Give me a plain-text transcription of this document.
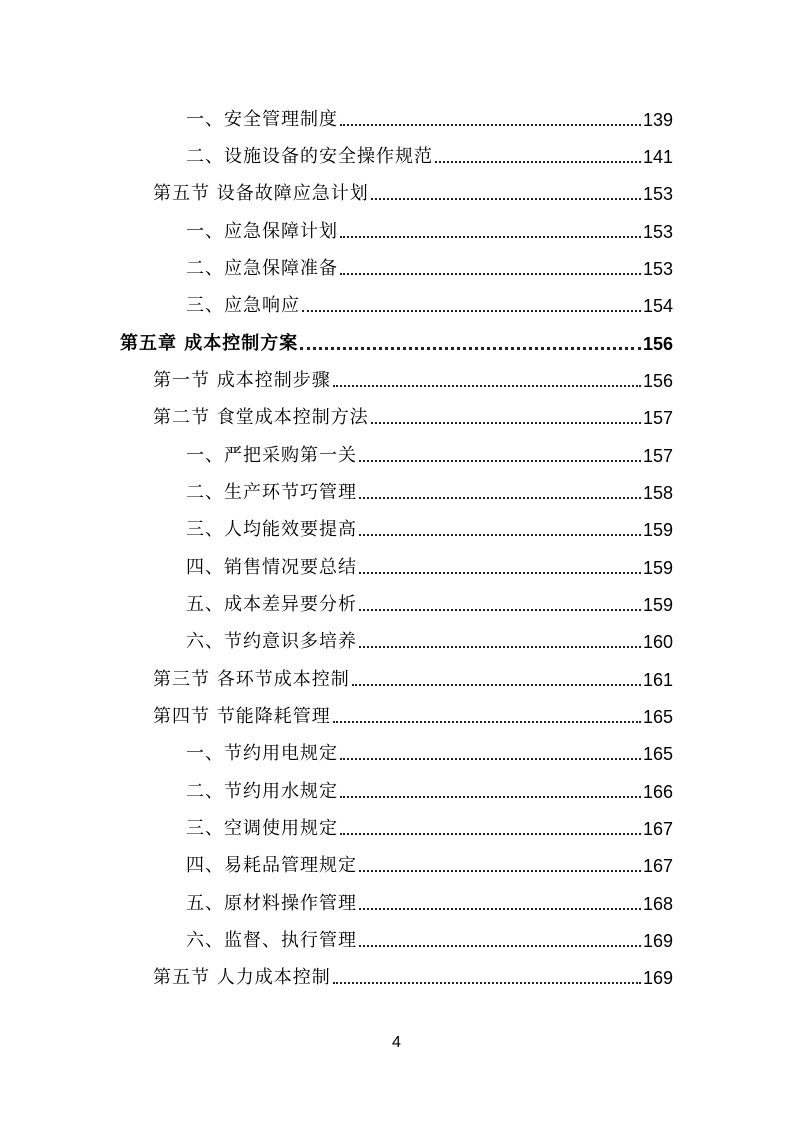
一、安全管理制度	139
二、设施设备的安全操作规范	141
第五节 设备故障应急计划	153
一、应急保障计划	153
二、应急保障准备	153
三、应急响应	154
第五章 成本控制方案	156
第一节 成本控制步骤	156
第二节 食堂成本控制方法	157
一、严把采购第一关	157
二、生产环节巧管理	158
三、人均能效要提高	159
四、销售情况要总结	159
五、成本差异要分析	159
六、节约意识多培养	160
第三节 各环节成本控制	161
第四节 节能降耗管理	165
一、节约用电规定	165
二、节约用水规定	166
三、空调使用规定	167
四、易耗品管理规定	167
五、原材料操作管理	168
六、监督、执行管理	169
第五节 人力成本控制	169
4
